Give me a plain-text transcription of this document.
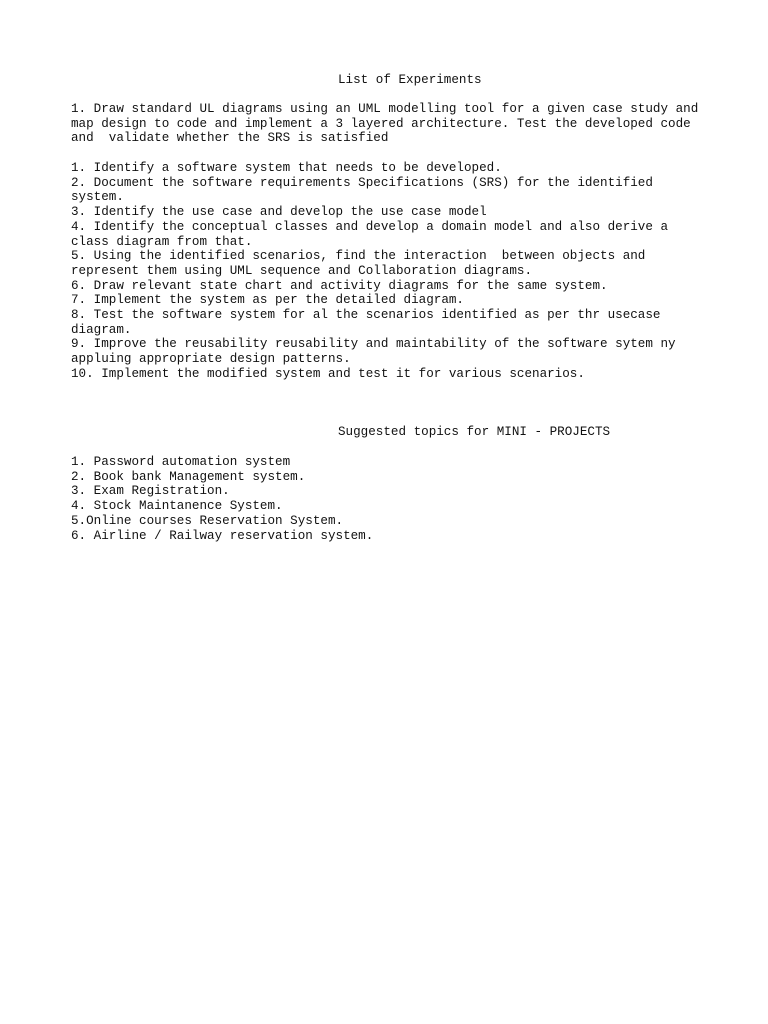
List of Experiments
1. Draw standard UL diagrams using an UML modelling tool for a given case study and
map design to code and implement a 3 layered architecture. Test the developed code
and  validate whether the SRS is satisfied
1. Identify a software system that needs to be developed.
2. Document the software requirements Specifications (SRS) for the identified
system.
3. Identify the use case and develop the use case model
4. Identify the conceptual classes and develop a domain model and also derive a
class diagram from that.
5. Using the identified scenarios, find the interaction  between objects and
represent them using UML sequence and Collaboration diagrams.
6. Draw relevant state chart and activity diagrams for the same system.
7. Implement the system as per the detailed diagram.
8. Test the software system for al the scenarios identified as per thr usecase
diagram.
9. Improve the reusability reusability and maintability of the software sytem ny
appluing appropriate design patterns.
10. Implement the modified system and test it for various scenarios.
Suggested topics for MINI - PROJECTS
1. Password automation system
2. Book bank Management system.
3. Exam Registration.
4. Stock Maintanence System.
5.Online courses Reservation System.
6. Airline / Railway reservation system.
